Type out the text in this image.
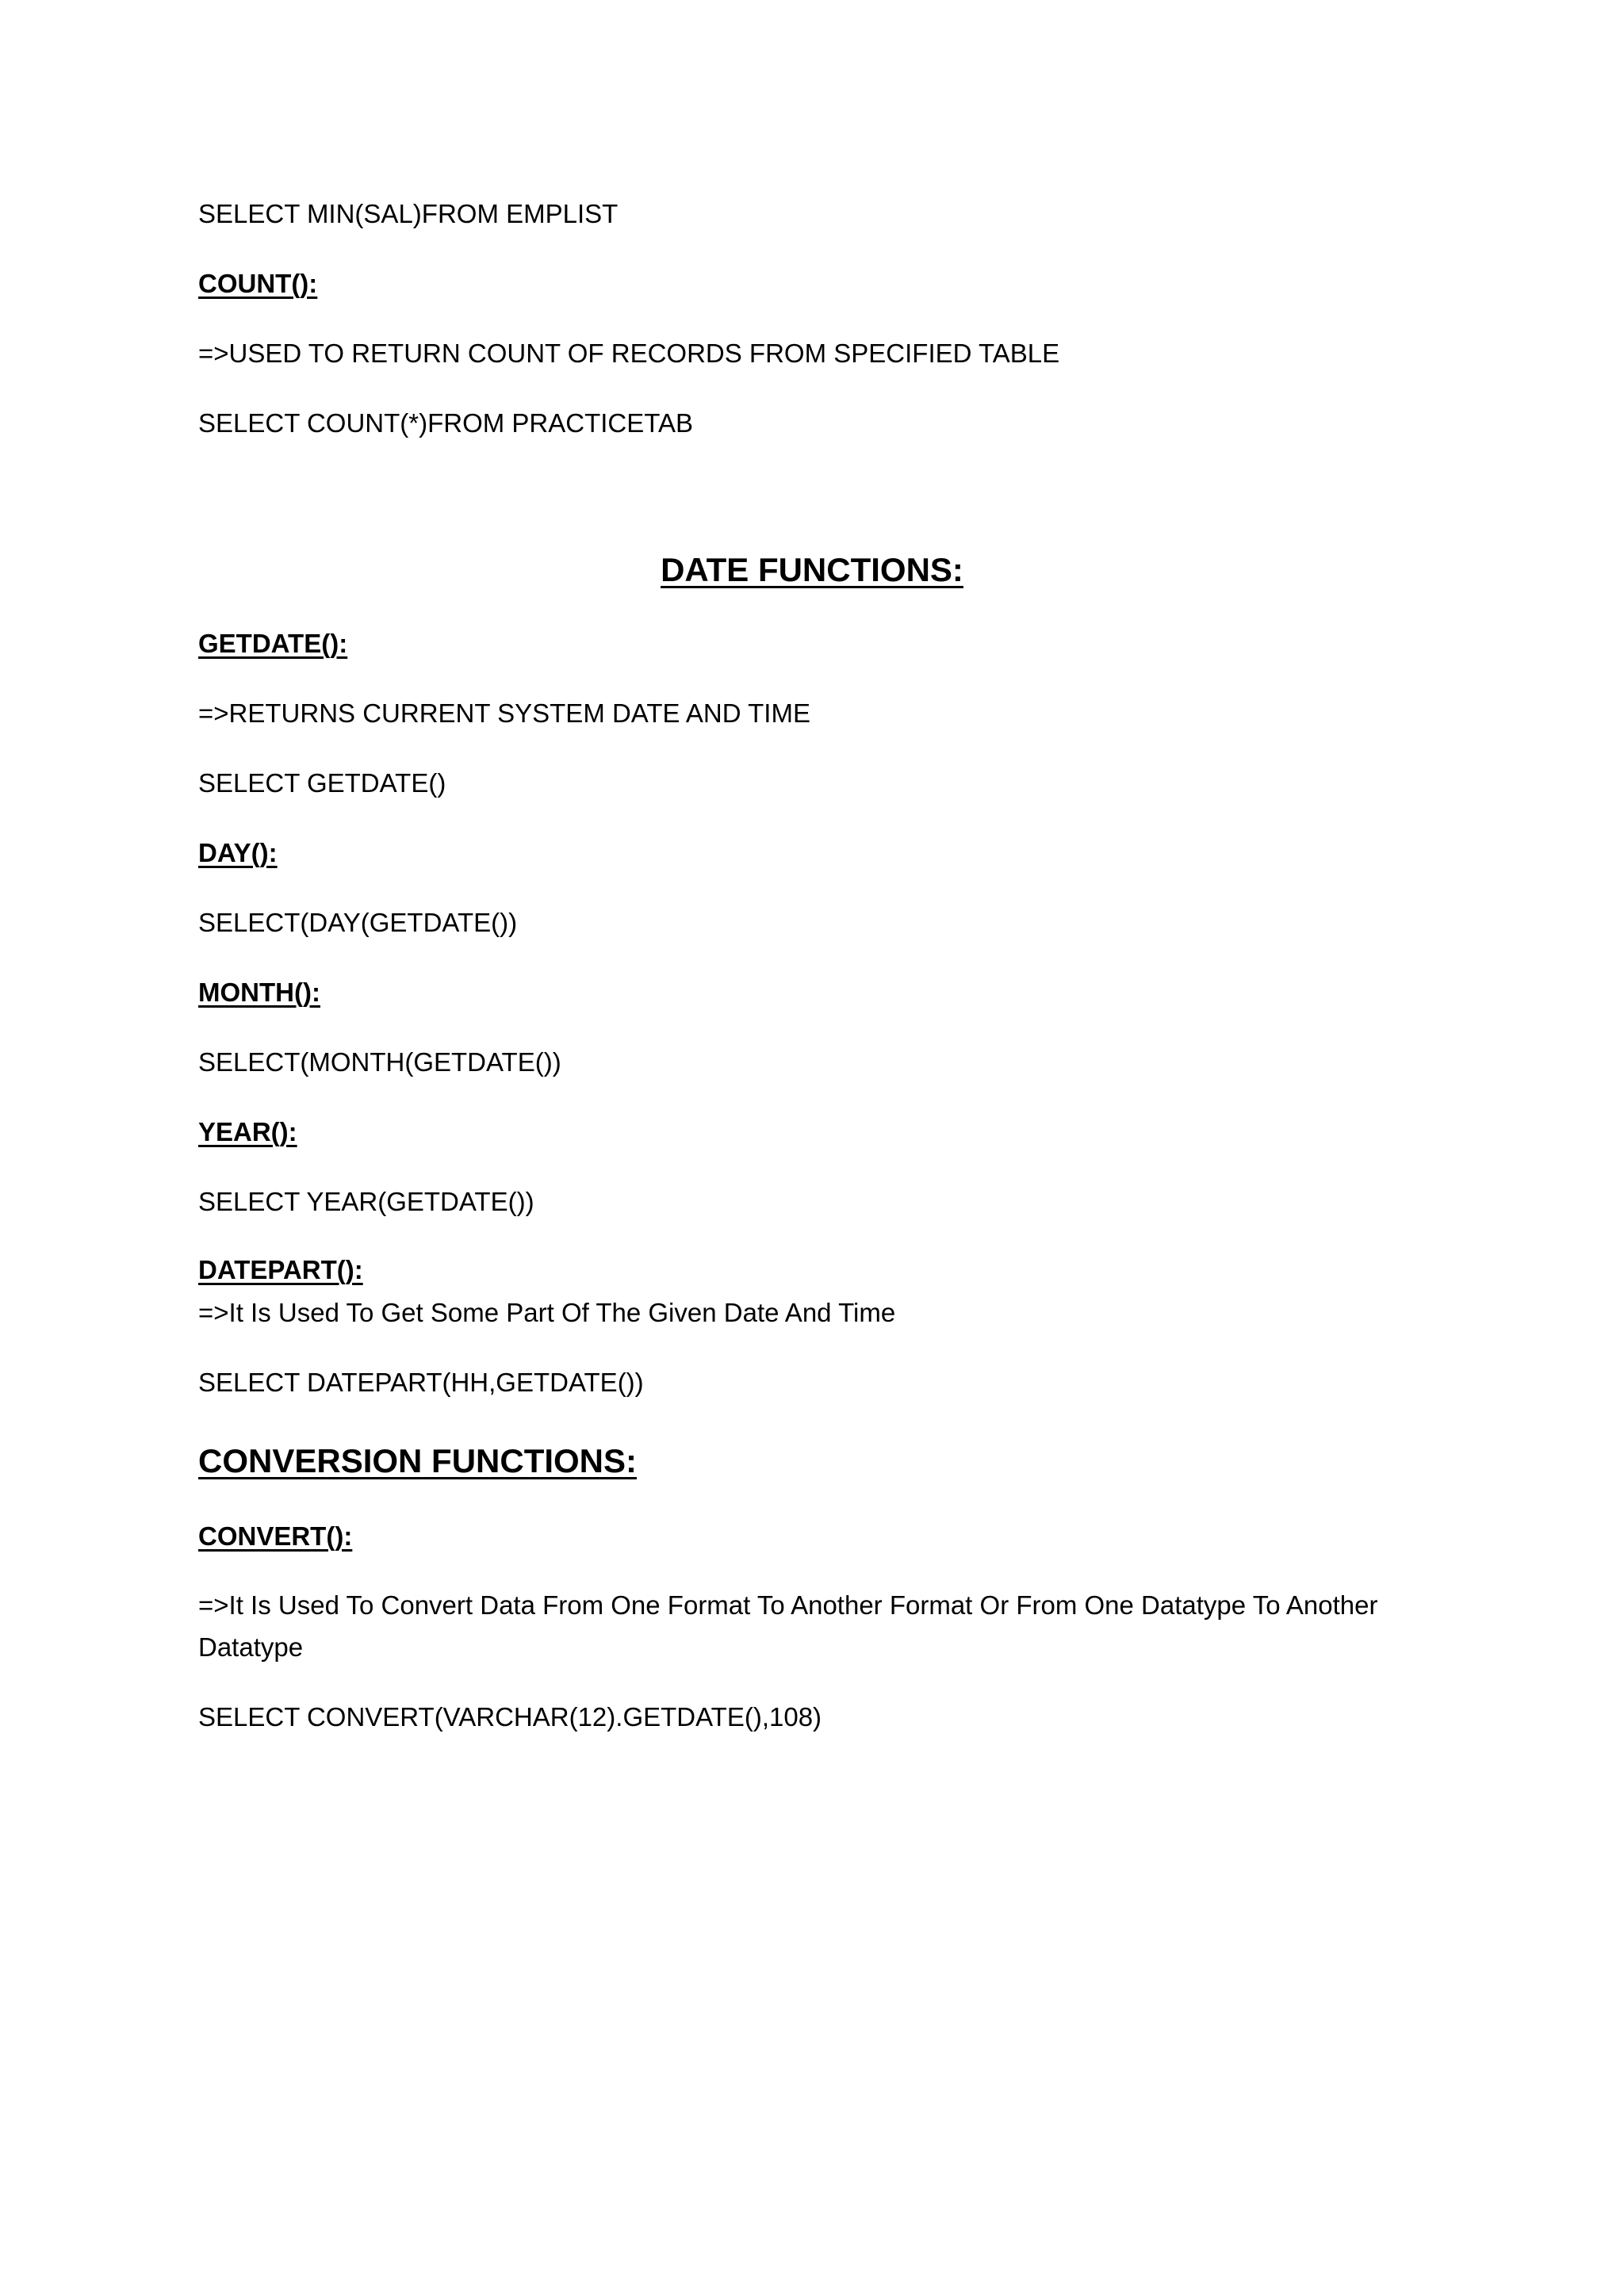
SELECT MIN(SAL)FROM EMPLIST
COUNT():
=>USED TO RETURN COUNT OF RECORDS FROM SPECIFIED TABLE
SELECT COUNT(*)FROM PRACTICETAB
DATE FUNCTIONS:
GETDATE():
=>RETURNS CURRENT SYSTEM DATE AND TIME
SELECT GETDATE()
DAY():
SELECT(DAY(GETDATE())
MONTH():
SELECT(MONTH(GETDATE())
YEAR():
SELECT YEAR(GETDATE())
DATEPART():
=>It Is Used To Get Some Part Of The Given Date And Time
SELECT DATEPART(HH,GETDATE())
CONVERSION FUNCTIONS:
CONVERT():
=>It Is Used To Convert Data From One Format To Another Format Or From One Datatype To Another Datatype
SELECT CONVERT(VARCHAR(12).GETDATE(),108)
